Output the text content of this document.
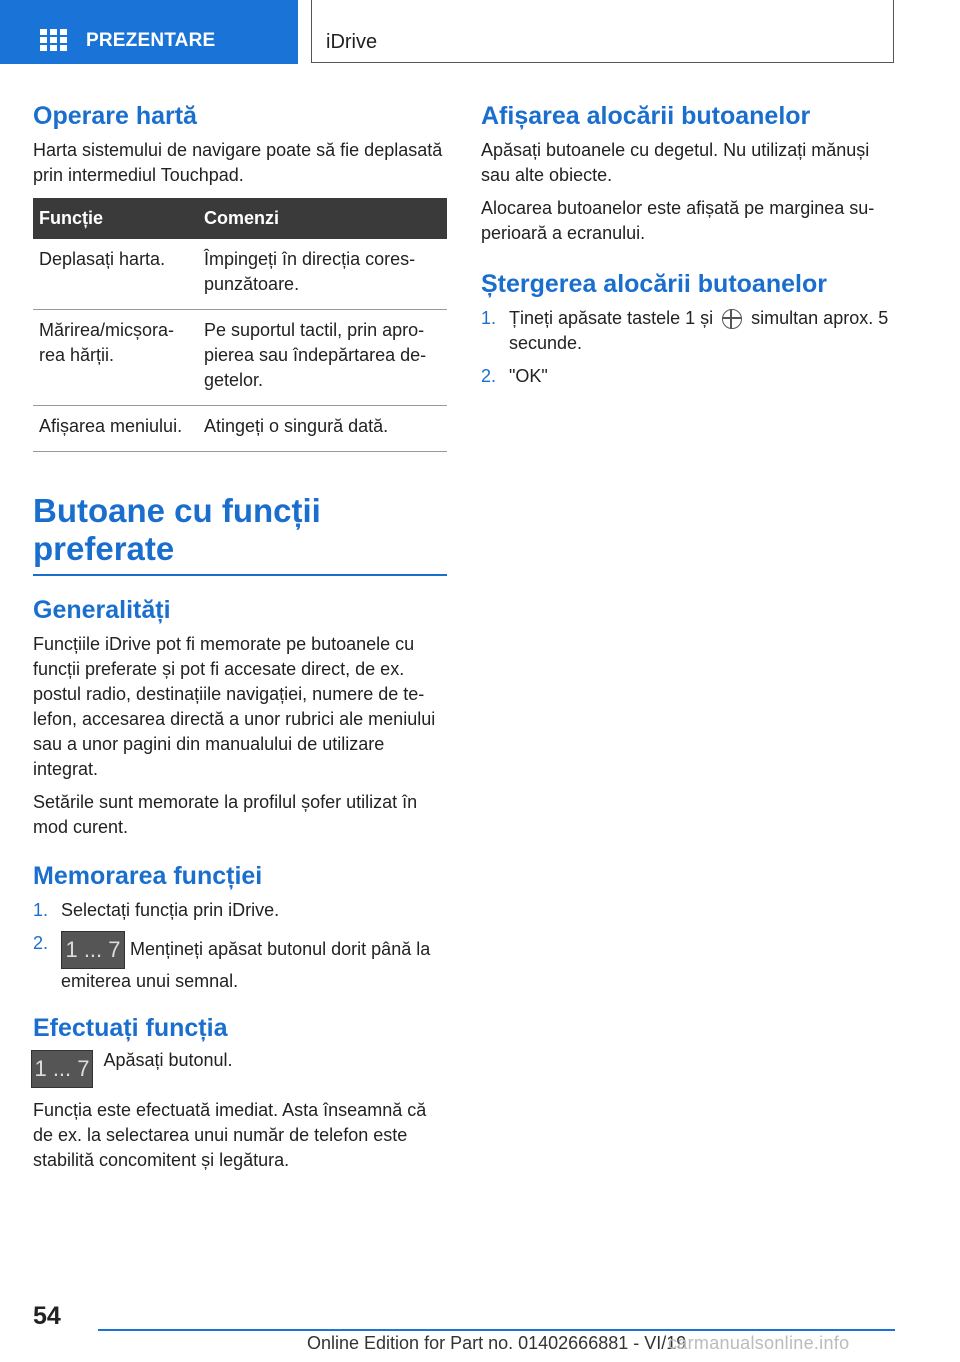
PREZENTARE	iDrive
Operare hartă

Harta sistemului de navigare poate să fie deplasată prin intermediul Touchpad.

Funcție	Comenzi
Deplasați harta.	Împingeți în direcția corespunzătoare.
Mărirea/micșorarea hărții.	Pe suportul tactil, prin apropierea sau îndepărtarea degetelor.
Afișarea meniului.	Atingeți o singură dată.
Butoane cu funcții
preferate
Generalități

Funcțiile iDrive pot fi memorate pe butoanele cu funcții preferate și pot fi accesate direct, de ex. postul radio, destinațiile navigației, numere de telefon, accesarea directă a unor rubrici ale meniului sau a unor pagini din manualului de utilizare integrat.

Setările sunt memorate la profilul șofer utilizat în mod curent.

Memorarea funcției
1. Selectați funcția prin iDrive.
2. 1 ... 7 Mențineți apăsat butonul dorit până la emiterea unui semnal.
Efectuați funcția
1 ... 7 Apăsați butonul.

Funcția este efectuată imediat. Asta înseamnă că de ex. la selectarea unui număr de telefon este stabilită concomitent și legătura.

Afișarea alocării butoanelor

Apăsați butoanele cu degetul. Nu utilizați mănuși sau alte obiecte.

Alocarea butoanelor este afișată pe marginea superioară a ecranului.

Ștergerea alocării butoanelor
1. Țineți apăsate tastele 1 și simultan aprox. 5 secunde.
2. "OK"
54
Online Edition for Part no. 01402666881 - VI/19
carmanualsonline.info
